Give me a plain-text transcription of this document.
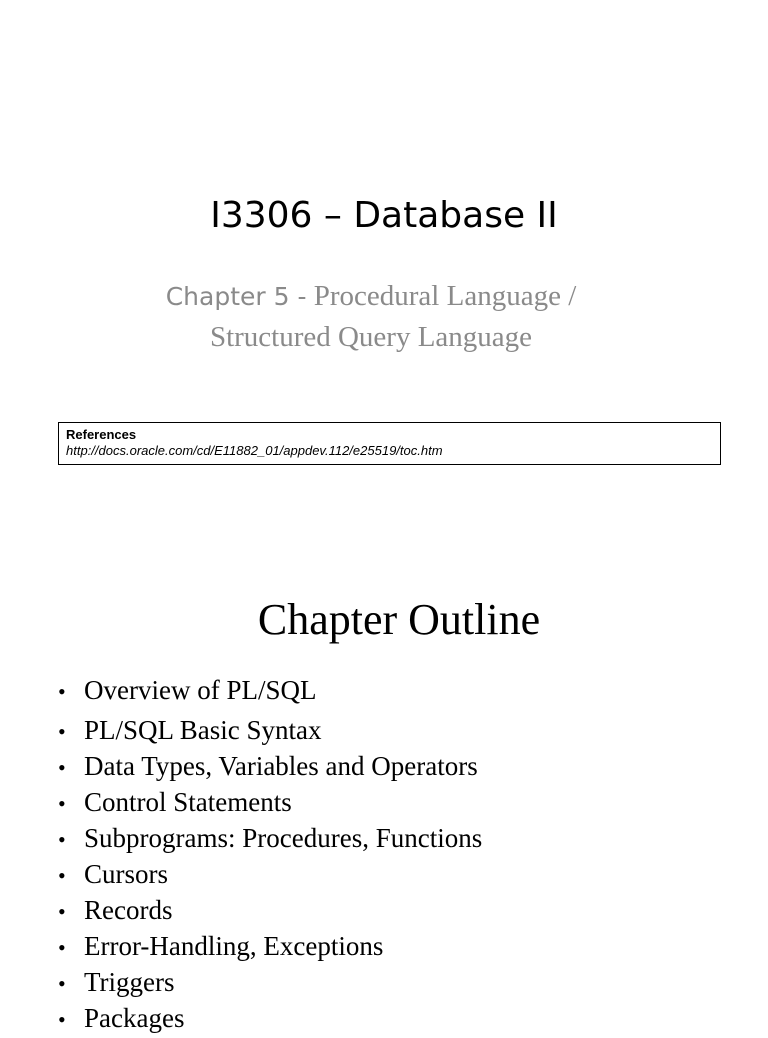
I3306 – Database II
Chapter 5 - Procedural Language /
Structured Query Language
References
http://docs.oracle.com/cd/E11882_01/appdev.112/e25519/toc.htm
Chapter Outline
• Overview of PL/SQL
• PL/SQL Basic Syntax
• Data Types, Variables and Operators
• Control Statements
• Subprograms: Procedures, Functions
• Cursors
• Records
• Error-Handling, Exceptions
• Triggers
• Packages
